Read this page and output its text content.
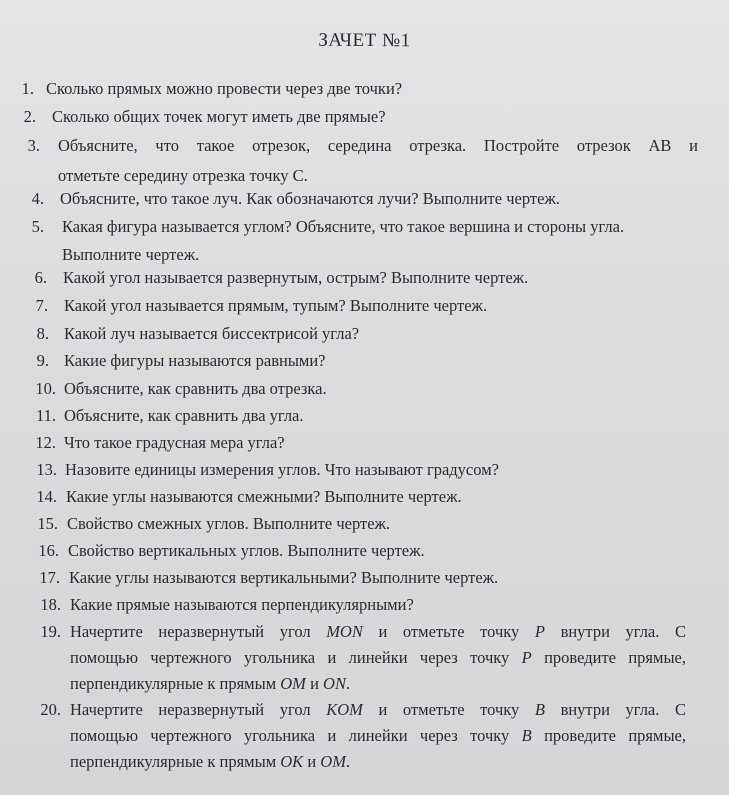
ЗАЧЕТ №1
1. Сколько прямых можно провести через две точки?
2. Сколько общих точек могут иметь две прямые?
3. Объясните, что такое отрезок, середина отрезка. Постройте отрезок АВ и
отметьте середину отрезка точку С.
4. Объясните, что такое луч. Как обозначаются лучи? Выполните чертеж.
5. Какая фигура называется углом? Объясните, что такое вершина и стороны угла.
Выполните чертеж.
6. Какой угол называется развернутым, острым? Выполните чертеж.
7. Какой угол называется прямым, тупым? Выполните чертеж.
8. Какой луч называется биссектрисой угла?
9. Какие фигуры называются равными?
10. Объясните, как сравнить два отрезка.
11. Объясните, как сравнить два угла.
12. Что такое градусная мера угла?
13. Назовите единицы измерения углов. Что называют градусом?
14. Какие углы называются смежными? Выполните чертеж.
15. Свойство смежных углов. Выполните чертеж.
16. Свойство вертикальных углов. Выполните чертеж.
17. Какие углы называются вертикальными? Выполните чертеж.
18. Какие прямые называются перпендикулярными?
19. Начертите неразвернутый угол MON и отметьте точку P внутри угла. С
помощью чертежного угольника и линейки через точку P проведите прямые,
перпендикулярные к прямым OM и ON.
20. Начертите неразвернутый угол KOM и отметьте точку B внутри угла. С
помощью чертежного угольника и линейки через точку B проведите прямые,
перпендикулярные к прямым OK и OM.
